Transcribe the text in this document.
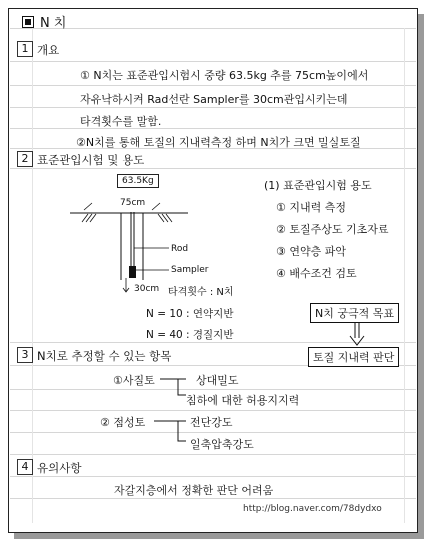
N 치
1 개요
① N치는 표준관입시험시 중량 63.5kg 추를 75cm높이에서
자유낙하시켜 Rad선란 Sampler를 30cm관입시키는데
타격횟수를 말함.
②N치를 통해 토질의 지내력측정 하며 N치가 크면 밀실토질
2 표준관입시험 및 용도
63.5Kg
75cm
Rod
Sampler
30cm 타격횟수 : N치
(1) 표준관입시험 용도
① 지내력 측정
② 토질주상도 기초자료
③ 연약층 파악
④ 배수조건 검토
N = 10 : 연약지반
N = 40 : 경질지반
N치 궁극적 목표
토질 지내력 판단
3 N치로 추정할 수 있는 항목
①사질토	상대밀도
침하에 대한 허용지지력
② 점성토	전단강도
일축압축강도
4 유의사항
자갈지층에서 정확한 판단 어려움
http://blog.naver.com/78dydxo
